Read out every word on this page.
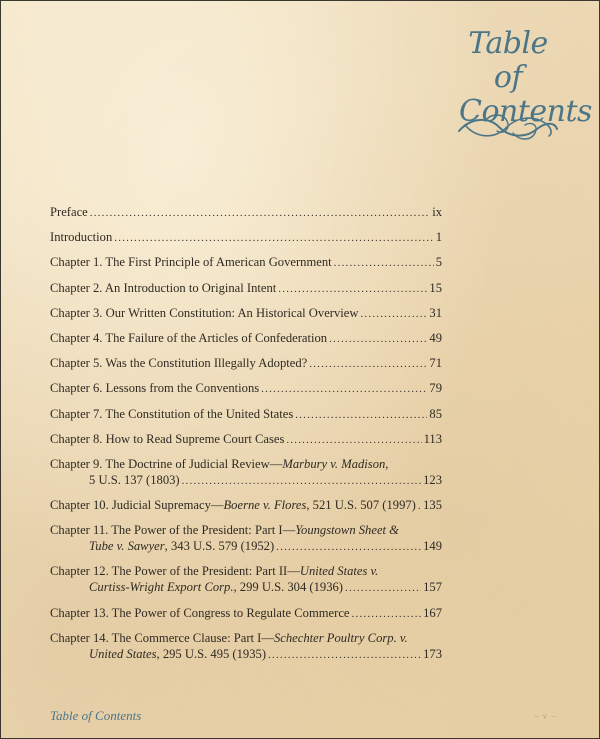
Table of
Contents
Preface .....	ix
Introduction .....	1
Chapter 1. The First Principle of American Government .....	5
Chapter 2. An Introduction to Original Intent .....	15
Chapter 3. Our Written Constitution: An Historical Overview .....	31
Chapter 4. The Failure of the Articles of Confederation .....	49
Chapter 5. Was the Constitution Illegally Adopted? .....	71
Chapter 6. Lessons from the Conventions .....	79
Chapter 7. The Constitution of the United States .....	85
Chapter 8. How to Read Supreme Court Cases .....	113
Chapter 9. The Doctrine of Judicial Review—Marbury v. Madison,
5 U.S. 137 (1803) .....	123
Chapter 10. Judicial Supremacy—Boerne v. Flores, 521 U.S. 507 (1997) ..... 135
Chapter 11. The Power of the President: Part I—Youngstown Sheet &
Tube v. Sawyer, 343 U.S. 579 (1952) .....	149
Chapter 12. The Power of the President: Part II—United States v.
Curtiss-Wright Export Corp., 299 U.S. 304 (1936) .....	157
Chapter 13. The Power of Congress to Regulate Commerce .....	167
Chapter 14. The Commerce Clause: Part I—Schechter Poultry Corp. v.
United States, 295 U.S. 495 (1935) .....	173
Table of Contents	– v –
